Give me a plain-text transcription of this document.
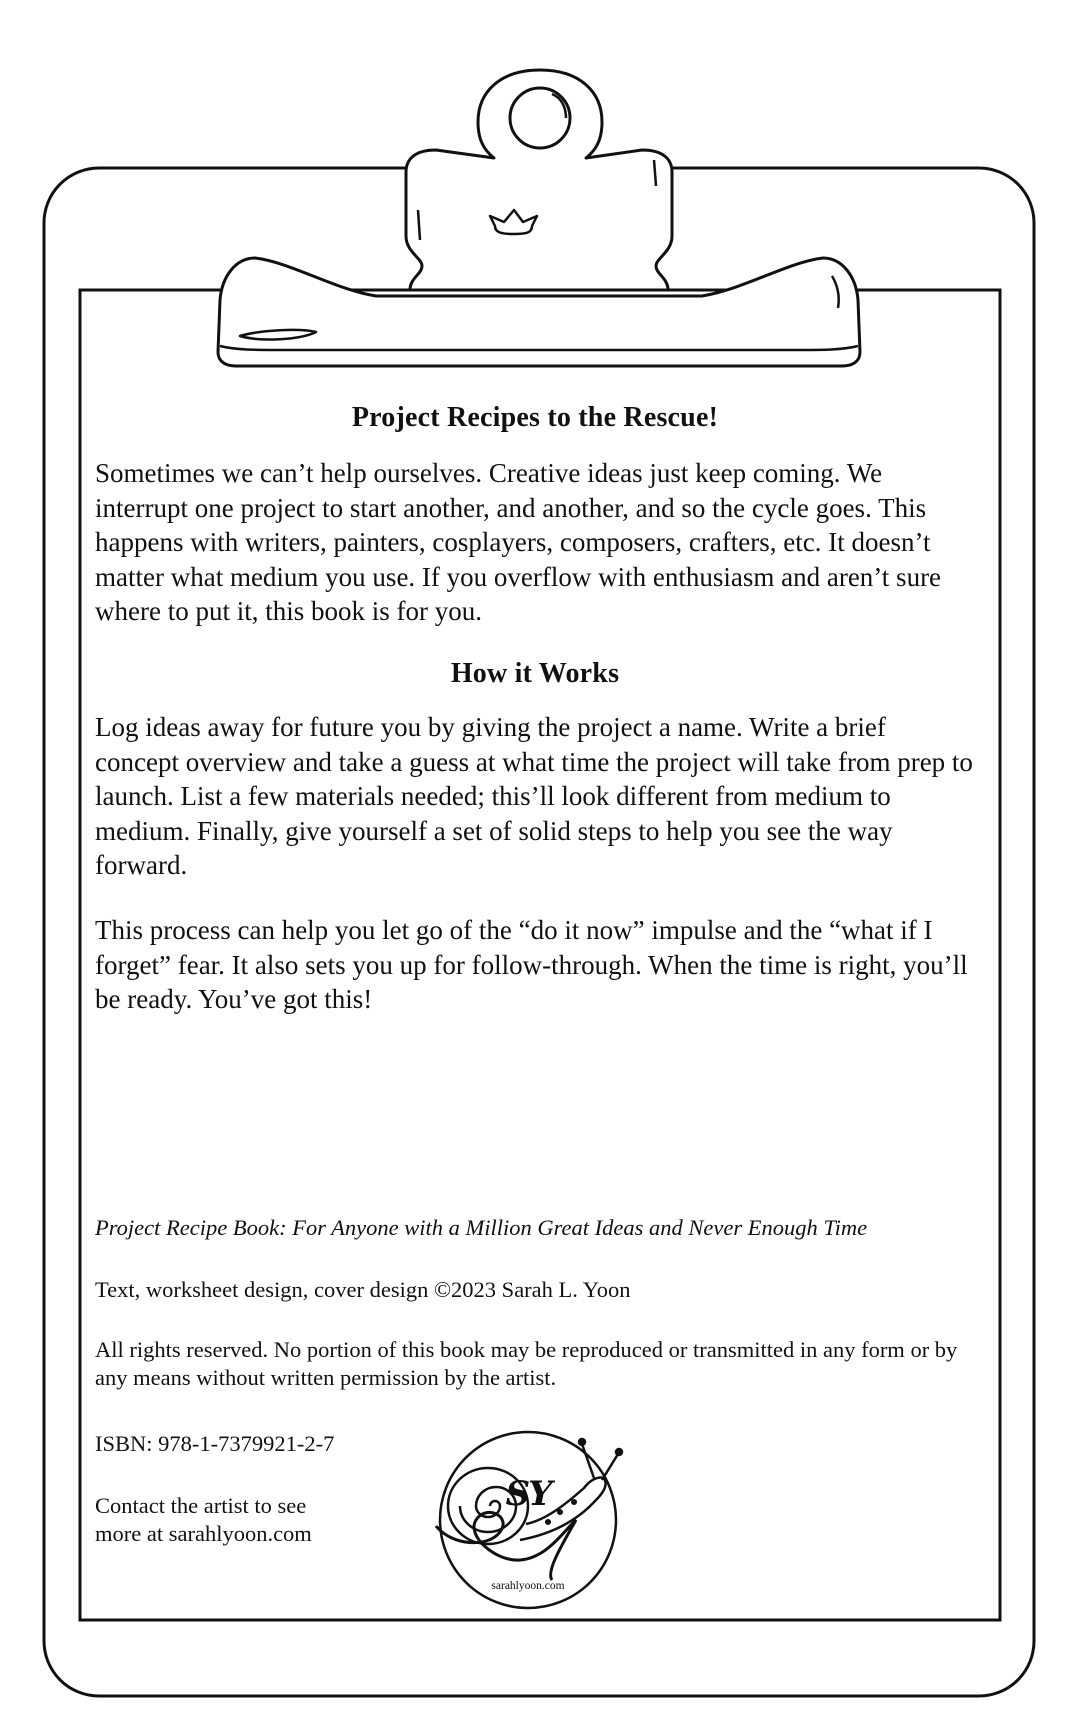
Project Recipes to the Rescue!

Sometimes we can’t help ourselves. Creative ideas just keep coming. We interrupt one project to start another, and another, and so the cycle goes. This happens with writers, painters, cosplayers, composers, crafters, etc. It doesn’t matter what medium you use. If you overflow with enthusiasm and aren’t sure where to put it, this book is for you.

How it Works

Log ideas away for future you by giving the project a name. Write a brief concept overview and take a guess at what time the project will take from prep to launch. List a few materials needed; this’ll look different from medium to medium. Finally, give yourself a set of solid steps to help you see the way forward.

This process can help you let go of the “do it now” impulse and the “what if I forget” fear. It also sets you up for follow-through. When the time is right, you’ll be ready. You’ve got this!

Project Recipe Book: For Anyone with a Million Great Ideas and Never Enough Time

Text, worksheet design, cover design ©2023 Sarah L. Yoon

All rights reserved. No portion of this book may be reproduced or transmitted in any form or by any means without written permission by the artist.

ISBN: 978-1-7379921-2-7

Contact the artist to see

more at sarahlyoon.com

SY
sarahlyoon.com
